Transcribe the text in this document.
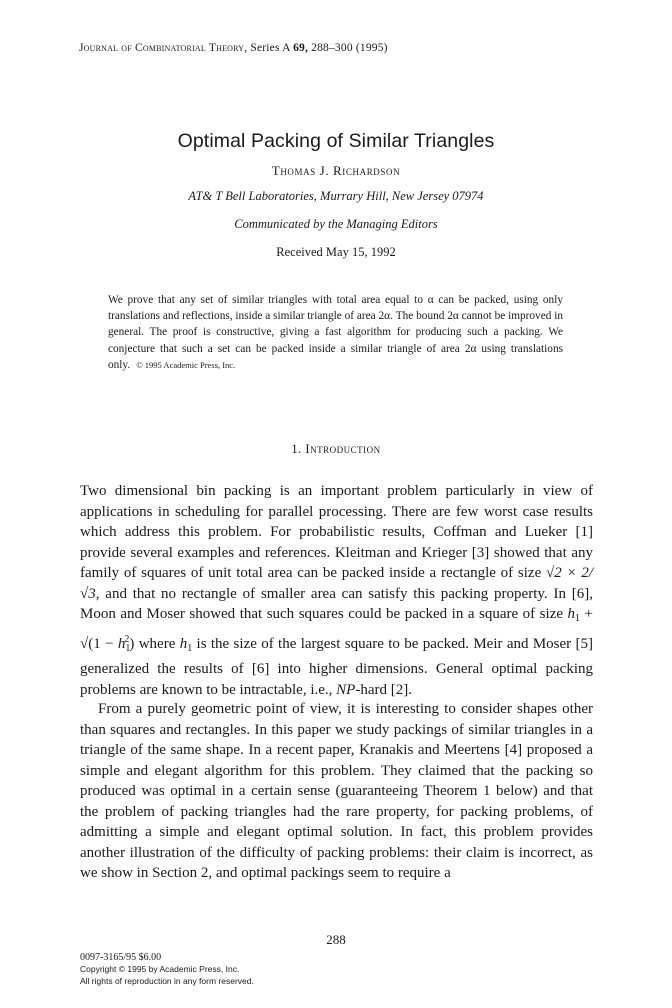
Journal of Combinatorial Theory, Series A 69, 288–300 (1995)
Optimal Packing of Similar Triangles
Thomas J. Richardson
AT& T Bell Laboratories, Murrary Hill, New Jersey 07974
Communicated by the Managing Editors
Received May 15, 1992
We prove that any set of similar triangles with total area equal to α can be packed, using only translations and reflections, inside a similar triangle of area 2α. The bound 2α cannot be improved in general. The proof is constructive, giving a fast algorithm for producing such a packing. We conjecture that such a set can be packed inside a similar triangle of area 2α using translations only. © 1995 Academic Press, Inc.
1. Introduction
Two dimensional bin packing is an important problem particularly in view of applications in scheduling for parallel processing. There are few worst case results which address this problem. For probabilistic results, Coffman and Lueker [1] provide several examples and references. Kleitman and Krieger [3] showed that any family of squares of unit total area can be packed inside a rectangle of size √2 × 2/ √3, and that no rectangle of smaller area can satisfy this packing property. In [6], Moon and Moser showed that such squares could be packed in a square of size $h_1 + √(1 - h_1^2)$ where $h_1$ is the size of the largest square to be packed. Meir and Moser [5] generalized the results of [6] into higher dimensions. General optimal packing problems are known to be intractable, i.e., NP-hard [2].
From a purely geometric point of view, it is interesting to consider shapes other than squares and rectangles. In this paper we study packings of similar triangles in a triangle of the same shape. In a recent paper, Kranakis and Meertens [4] proposed a simple and elegant algorithm for this problem. They claimed that the packing so produced was optimal in a certain sense (guaranteeing Theorem 1 below) and that the problem of packing triangles had the rare property, for packing problems, of admitting a simple and elegant optimal solution. In fact, this problem provides another illustration of the difficulty of packing problems: their claim is incorrect, as we show in Section 2, and optimal packings seem to require a
288
0097-3165/95 $6.00
Copyright © 1995 by Academic Press, Inc.
All rights of reproduction in any form reserved.
